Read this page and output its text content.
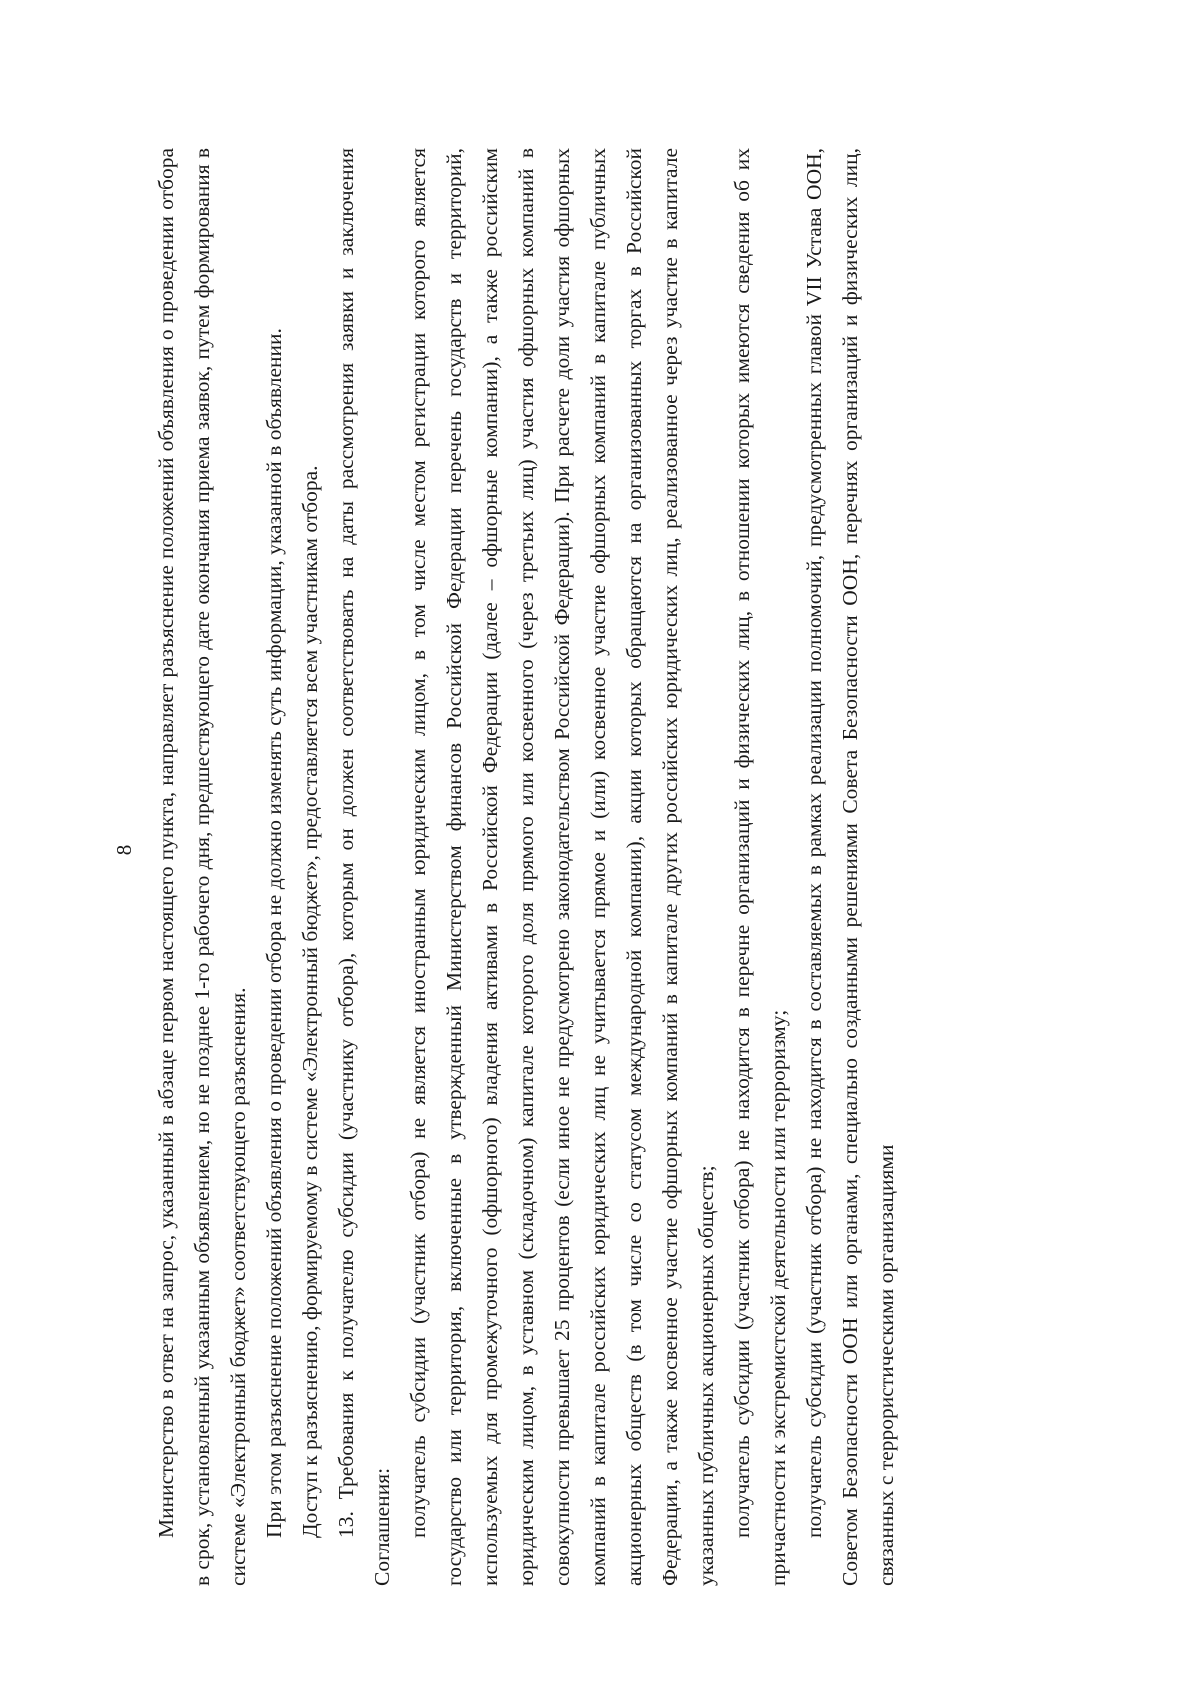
8 Министерство в ответ на запрос, указанный в абзаце первом настоящего пункта, направляет разъяснение положений объявления о проведении отбора в срок, установленный указанным объявлением, но не позднее 1-го рабочего дня, предшествующего дате окончания приема заявок, путем формирования в системе «Электронный бюджет» соответствующего разъяснения. При этом разъяснение положений объявления о проведении отбора не должно изменять суть информации, указанной в объявлении. Доступ к разъяснению, формируемому в системе «Электронный бюджет», предоставляется всем участникам отбора. 13. Требования к получателю субсидии (участнику отбора), которым он должен соответствовать на даты рассмотрения заявки и заключения Соглашения: получатель субсидии (участник отбора) не является иностранным юридическим лицом, в том числе местом регистрации которого является государство или территория, включенные в утвержденный Министерством финансов Российской Федерации перечень государств и территорий, используемых для промежуточного (офшорного) владения активами в Российской Федерации (далее – офшорные компании), а также российским юридическим лицом, в уставном (складочном) капитале которого доля прямого или косвенного (через третьих лиц) участия офшорных компаний в совокупности превышает 25 процентов (если иное не предусмотрено законодательством Российской Федерации). При расчете доли участия офшорных компаний в капитале российских юридических лиц не учитывается прямое и (или) косвенное участие офшорных компаний в капитале публичных акционерных обществ (в том числе со статусом международной компании), акции которых обращаются на организованных торгах в Российской Федерации, а также косвенное участие офшорных компаний в капитале других российских юридических лиц, реализованное через участие в капитале указанных публичных акционерных обществ; получатель субсидии (участник отбора) не находится в перечне организаций и физических лиц, в отношении которых имеются сведения об их причастности к экстремистской деятельности или терроризму; получатель субсидии (участник отбора) не находится в составляемых в рамках реализации полномочий, предусмотренных главой VII Устава ООН, Советом Безопасности ООН или органами, специально созданными решениями Совета Безопасности ООН, перечнях организаций и физических лиц, связанных с террористическими организациями
